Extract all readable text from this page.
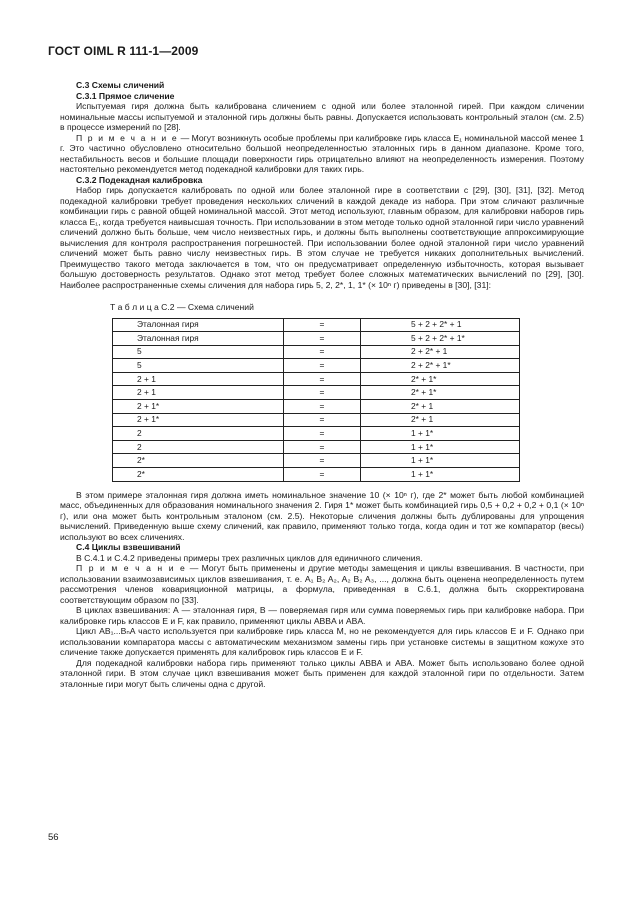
ГОСТ OIML R 111-1—2009

С.3 Схемы сличений

С.3.1 Прямое сличение

Испытуемая гиря должна быть калибрована сличением с одной или более эталонной гирей. При каждом сличении номинальные массы испытуемой и эталонной гирь должны быть равны. Допускается использовать контрольный эталон (см. 2.5) в процессе измерений по [28].

П р и м е ч а н и е — Могут возникнуть особые проблемы при калибровке гирь класса E₁ номинальной массой менее 1 г. Это частично обусловлено относительно большой неопределенностью эталонных гирь в данном диапазоне. Кроме того, нестабильность весов и большие площади поверхности гирь отрицательно влияют на неопределенность измерения. Поэтому настоятельно рекомендуется метод подекадной калибровки для таких гирь.

С.3.2 Подекадная калибровка

Набор гирь допускается калибровать по одной или более эталонной гире в соответствии с [29], [30], [31], [32]. Метод подекадной калибровки требует проведения нескольких сличений в каждой декаде из набора. При этом сличают различные комбинации гирь с равной общей номинальной массой. Этот метод используют, главным образом, для калибровки наборов гирь класса E₁, когда требуется наивысшая точность. При использовании в этом методе только одной эталонной гири число уравнений сличений должно быть больше, чем число неизвестных гирь, и должны быть выполнены соответствующие аппроксимирующие вычисления для контроля распространения погрешностей. При использовании более одной эталонной гири число уравнений сличений может быть равно числу неизвестных гирь. В этом случае не требуется никаких дополнительных вычислений. Преимущество такого метода заключается в том, что он предусматривает определенную избыточность, которая вызывает большую достоверность результатов. Однако этот метод требует более сложных математических вычислений по [29], [30]. Наиболее распространенные схемы сличения для набора гирь 5, 2, 2*, 1, 1* (× 10ⁿ г) приведены в [30], [31]:

Т а б л и ц а С.2 — Схема сличений
Эталонная гиря	=	5 + 2 + 2* + 1
Эталонная гиря	=	5 + 2 + 2* + 1*
5	=	2 + 2* + 1
5	=	2 + 2* + 1*
2 + 1	=	2* + 1*
2 + 1	=	2* + 1*
2 + 1*	=	2* + 1
2 + 1*	=	2* + 1
2	=	1 + 1*
2	=	1 + 1*
2*	=	1 + 1*
2*	=	1 + 1*

В этом примере эталонная гиря должна иметь номинальное значение 10 (× 10ⁿ г), где 2* может быть любой комбинацией масс, объединенных для образования номинального значения 2. Гиря 1* может быть комбинацией гирь 0,5 + 0,2 + 0,2 + 0,1 (× 10ⁿ г), или она может быть контрольным эталоном (см. 2.5). Некоторые сличения должны быть дублированы для упрощения вычислений. Приведенную выше схему сличений, как правило, применяют только тогда, когда один и тот же компаратор (весы) используют во всех сличениях.

С.4 Циклы взвешиваний

В С.4.1 и С.4.2 приведены примеры трех различных циклов для единичного сличения.

П р и м е ч а н и е — Могут быть применены и другие методы замещения и циклы взвешивания. В частности, при использовании взаимозависимых циклов взвешивания, т. е. A₁ B₂ A₂, A₂ B₂ A₃, ..., должна быть оценена неопределенность путем рассмотрения членов коварияционной матрицы, а формула, приведенная в С.6.1, должна быть скорректирована соответствующим образом по [33].

В циклах взвешивания: А — эталонная гиря, В — поверяемая гиря или сумма поверяемых гирь при калибровке набора. При калибровке гирь классов E и F, как правило, применяют циклы ABBA и ABA.

Цикл AB₁...BₙA часто используется при калибровке гирь класса M, но не рекомендуется для гирь классов E и F. Однако при использовании компаратора массы с автоматическим механизмом замены гирь при установке системы в защитном кожухе это сличение также допускается применять для калибровок гирь классов E и F.

Для подекадной калибровки набора гирь применяют только циклы ABBA и ABA. Может быть использовано более одной эталонной гири. В этом случае цикл взвешивания может быть применен для каждой эталонной гири по отдельности. Затем эталонные гири могут быть сличены одна с другой.

56
